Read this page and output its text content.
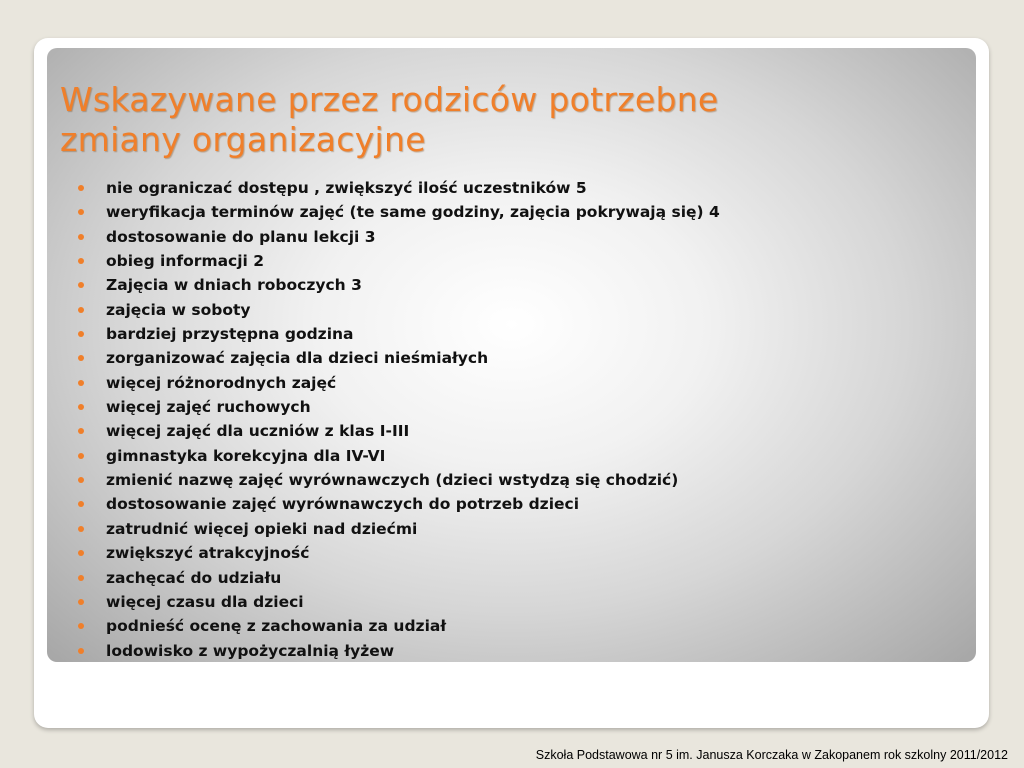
Wskazywane przez rodziców potrzebne
zmiany organizacyjne
nie ograniczać dostępu , zwiększyć ilość uczestników 5
weryfikacja terminów zajęć (te same godziny, zajęcia pokrywają się) 4
dostosowanie do planu lekcji 3
obieg informacji 2
Zajęcia w dniach roboczych 3
zajęcia w soboty
bardziej przystępna godzina
zorganizować zajęcia dla dzieci nieśmiałych
więcej różnorodnych zajęć
więcej zajęć ruchowych
więcej zajęć dla uczniów z klas I-III
gimnastyka korekcyjna dla IV-VI
zmienić nazwę zajęć wyrównawczych (dzieci wstydzą się chodzić)
dostosowanie zajęć wyrównawczych do potrzeb dzieci
zatrudnić więcej opieki nad dziećmi
zwiększyć atrakcyjność
zachęcać do udziału
więcej czasu dla dzieci
podnieść ocenę z zachowania za udział
lodowisko z wypożyczalnią łyżew
Szkoła Podstawowa nr 5 im. Janusza Korczaka w Zakopanem rok szkolny 2011/2012
